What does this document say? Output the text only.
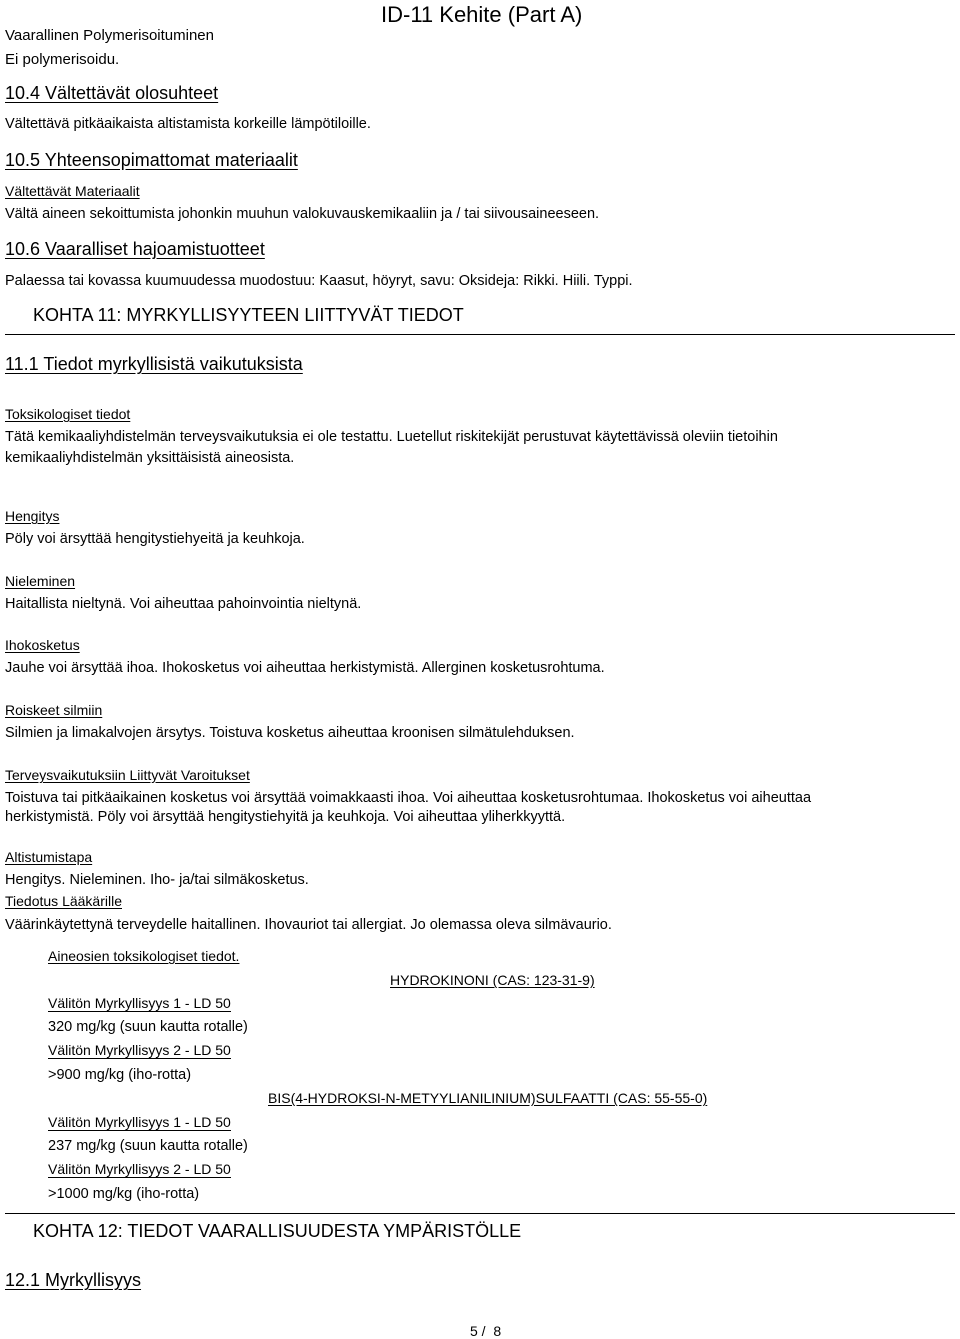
Vaarallinen Polymerisoituminen
Ei polymerisoidu.
ID-11 Kehite (Part A)
10.4 Vältettävät olosuhteet
Vältettävä pitkäaikaista altistamista korkeille lämpötiloille.
10.5 Yhteensopimattomat materiaalit
Vältettävät Materiaalit
Vältä aineen sekoittumista johonkin muuhun valokuvauskemikaaliin ja / tai siivousaineeseen.
10.6 Vaaralliset hajoamistuotteet
Palaessa tai kovassa kuumuudessa muodostuu: Kaasut, höyryt, savu: Oksideja: Rikki. Hiili. Typpi.
KOHTA 11: MYRKYLLISYYTEEN LIITTYVÄT TIEDOT
11.1 Tiedot myrkyllisistä vaikutuksista
Toksikologiset tiedot
Tätä kemikaaliyhdistelmän terveysvaikutuksia ei ole testattu. Luetellut riskitekijät perustuvat käytettävissä oleviin tietoihin
kemikaaliyhdistelmän yksittäisistä aineosista.
Hengitys
Pöly voi ärsyttää hengitystiehyeitä ja keuhkoja.
Nieleminen
Haitallista nieltynä. Voi aiheuttaa pahoinvointia nieltynä.
Ihokosketus
Jauhe voi ärsyttää ihoa. Ihokosketus voi aiheuttaa herkistymistä. Allerginen kosketusrohtuma.
Roiskeet silmiin
Silmien ja limakalvojen ärsytys. Toistuva kosketus aiheuttaa kroonisen silmätulehduksen.
Terveysvaikutuksiin Liittyvät Varoitukset
Toistuva tai pitkäaikainen kosketus voi ärsyttää voimakkaasti ihoa. Voi aiheuttaa kosketusrohtumaa. Ihokosketus voi aiheuttaa
herkistymistä. Pöly voi ärsyttää hengitystiehyitä ja keuhkoja. Voi aiheuttaa yliherkkyyttä.
Altistumistapa
Hengitys. Nieleminen. Iho- ja/tai silmäkosketus.
Tiedotus Lääkärille
Väärinkäytettynä terveydelle haitallinen. Ihovauriot tai allergiat. Jo olemassa oleva silmävaurio.
Aineosien toksikologiset tiedot.
HYDROKINONI (CAS: 123-31-9)
Välitön Myrkyllisyys 1 - LD 50
320 mg/kg (suun kautta rotalle)
Välitön Myrkyllisyys 2 - LD 50
>900 mg/kg (iho-rotta)
BIS(4-HYDROKSI-N-METYYLIANILINIUM)SULFAATTI (CAS: 55-55-0)
Välitön Myrkyllisyys 1 - LD 50
237 mg/kg (suun kautta rotalle)
Välitön Myrkyllisyys 2 - LD 50
>1000 mg/kg (iho-rotta)
KOHTA 12: TIEDOT VAARALLISUUDESTA YMPÄRISTÖLLE
12.1 Myrkyllisyys
5 /  8
